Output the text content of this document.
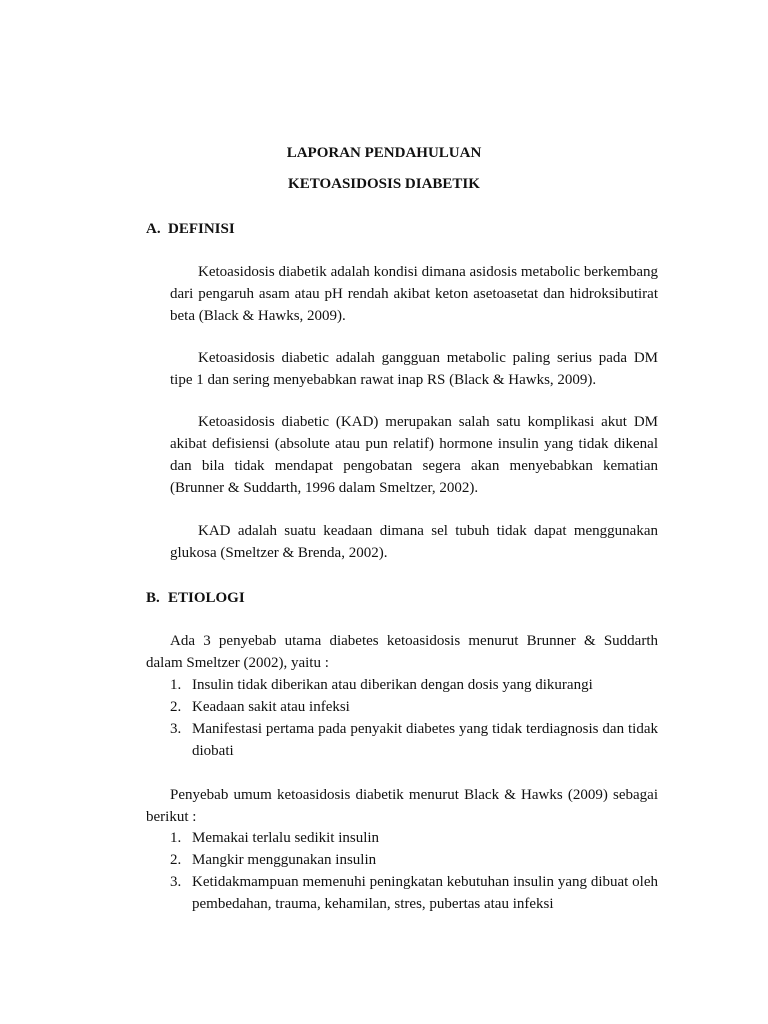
LAPORAN PENDAHULUAN
KETOASIDOSIS DIABETIK
A. DEFINISI

Ketoasidosis diabetik adalah kondisi dimana asidosis metabolic berkembang dari pengaruh asam atau pH rendah akibat keton asetoasetat dan hidroksibutirat beta (Black & Hawks, 2009).

Ketoasidosis diabetic adalah gangguan metabolic paling serius pada DM tipe 1 dan sering menyebabkan rawat inap RS (Black & Hawks, 2009).

Ketoasidosis diabetic (KAD) merupakan salah satu komplikasi akut DM akibat defisiensi (absolute atau pun relatif) hormone insulin yang tidak dikenal dan bila tidak mendapat pengobatan segera akan menyebabkan kematian (Brunner & Suddarth, 1996 dalam Smeltzer, 2002).

KAD adalah suatu keadaan dimana sel tubuh tidak dapat menggunakan glukosa (Smeltzer & Brenda, 2002).

B. ETIOLOGI

Ada 3 penyebab utama diabetes ketoasidosis menurut Brunner & Suddarth dalam Smeltzer (2002), yaitu :

1. Insulin tidak diberikan atau diberikan dengan dosis yang dikurangi
2. Keadaan sakit atau infeksi
3. Manifestasi pertama pada penyakit diabetes yang tidak terdiagnosis dan tidak diobati

Penyebab umum ketoasidosis diabetik menurut Black & Hawks (2009) sebagai berikut :

1. Memakai terlalu sedikit insulin
2. Mangkir menggunakan insulin
3. Ketidakmampuan memenuhi peningkatan kebutuhan insulin yang dibuat oleh pembedahan, trauma, kehamilan, stres, pubertas atau infeksi
